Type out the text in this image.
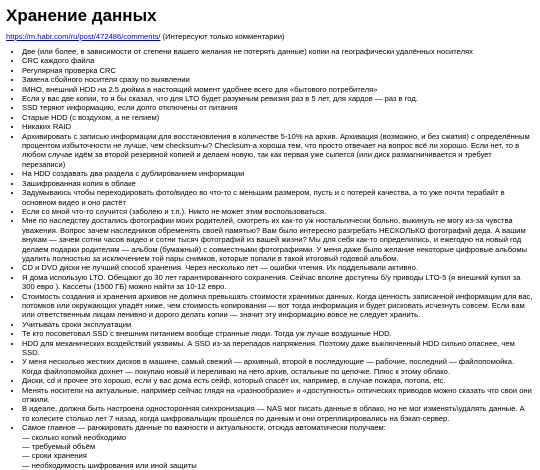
Хранение данных

https://m.habr.com/ru/post/472486/comments/ (Интересуют только комментарии)

• Две (или более, в зависимости от степени вашего желания не потерять данные) копии на географически удалённых носителях
• CRC каждого файла
• Регулярная проверка CRC
• Замена сбойного носителя сразу по выявлении
• IMHO, внешний HDD на 2.5 дюйма в настоящий момент удобнее всего для «бытового потребителя»
• Если у вас две копии, то я бы сказал, что для LTO будет разумным ревизия раз в 5 лет, для хардов — раз в год.
• SSD теряют информацию, если долго отключены от питания
• Старые HDD (с воздухом, а не гелием)
• Никаких RAID
• Архивировать с записью информации для восстановления в количестве 5-10% на архив. Архивация (возможно, и без сжатия) с определённым процентом избыточности не лучше, чем checksum-ы? Checksum-а хорошa тем, что просто отвечает на вопрос всё ли хорошо. Если нет, то в любом случае идём за второй резервной копией и делаем новую, так как первая уже сыпется (или диск размагничивается и требует перезаписи)
• На HDD создавать два раздела с дублированием информации
• Зашифрованная копия в облаке
• Задумываюсь чтобы переходировать фото/видео во что-то с меньшим размером, пусть и с потерей качества, а то уже почти терабайт в основном видео и оно растёт
• Если со мной что-то случится (заболею и т.п.). Никто не может этим воспользоваться.
• Мне по наследству достались фотографии моих родителей, смотреть их как-то уж ностальгически больно, выкинуть не могу из-за чувства уважения. Вопрос зачем наследников обременять своей памятью? Вам было интересно разгребать НЕСКОЛЬКО фотографий деда. А вашим внукам — зачем сотни часов видео и сотни тысяч фотографий из вашей жизни? Мы для себя как-то определились, и ежегодно на новый год делаем подарки родителям — альбом (бумажный) с совместными фотографиями. У меня даже было желание некоторые цифровые альбомы удалить полностью за исключением той пары снимков, которые попали в такой итоговый годовой альбом.
• CD и DVD диски не лучший способ хранения. Через несколько лет — ошибки чтения. Их подделывали активно.
• Я дома использую LTO. Обещают до 30 лет гарантированного сохранения. Сейчас вполне доступны б/у приводы LTO-5 (я внешний купил за 300 евро ). Кассеты (1500 ГБ) можно найти за 10-12 евро.
• Стоимость создания и хранения архивов не должна превышать стоимости хранимых данных. Когда ценность записанной информации для вас, потомков или окружающих упадёт ниже, чем стоимость копирования — вот тогда информация и будет рисковать исчезнуть совсем. Если вам или ответственным лицам ленивно и дорого делать копии — значит эту информацию вовсе не следует хранить.
• Учитывать сроки эксплуатации
• Те кто посоветовал SSD с внешним питанием вообще странные люди. Тогда уж лучше воздушные HDD.
• HDD для механических воздействий уязвимы. А SSD из-за перепадов напряжения. Поэтому даже выключенный HDD сильно опаснее, чем SSD.
• У меня несколько жестких дисков в машине, самый свежий — архивный, второй в последующие — рабочие, последний — файлопомойка. Когда файлопомойка дохнет — покупаю новый и переливаю на него архив, остальные по цепочке. Плюс к этому облако.
• Диски, cd и прочее это хорошо, если у вас дома есть сейф, который спасёт их, например, в случае пожара, потопа, etc.
• Менять носители на актуальные, например сейчас глядя на «разнообразие» и «доступность» оптических приводов можно сказать что свои они отжили.
• В идеале, должна быть настроена односторонняя синхронизация — NAS мог писать данные в облако, но не мог изменять\удалять данные. А то колесите столько лет 7 назад, когда шифровальщик прошёлся по данным и они отреплицировались на бэкап-сервер.
• Самое главное — ранжировать данные по важности и актуальности, отсюда автоматически получаем:
— сколько копий необходимо
— требуемый объём
— сроки хранения
— необходимость шифрования или иной защиты
